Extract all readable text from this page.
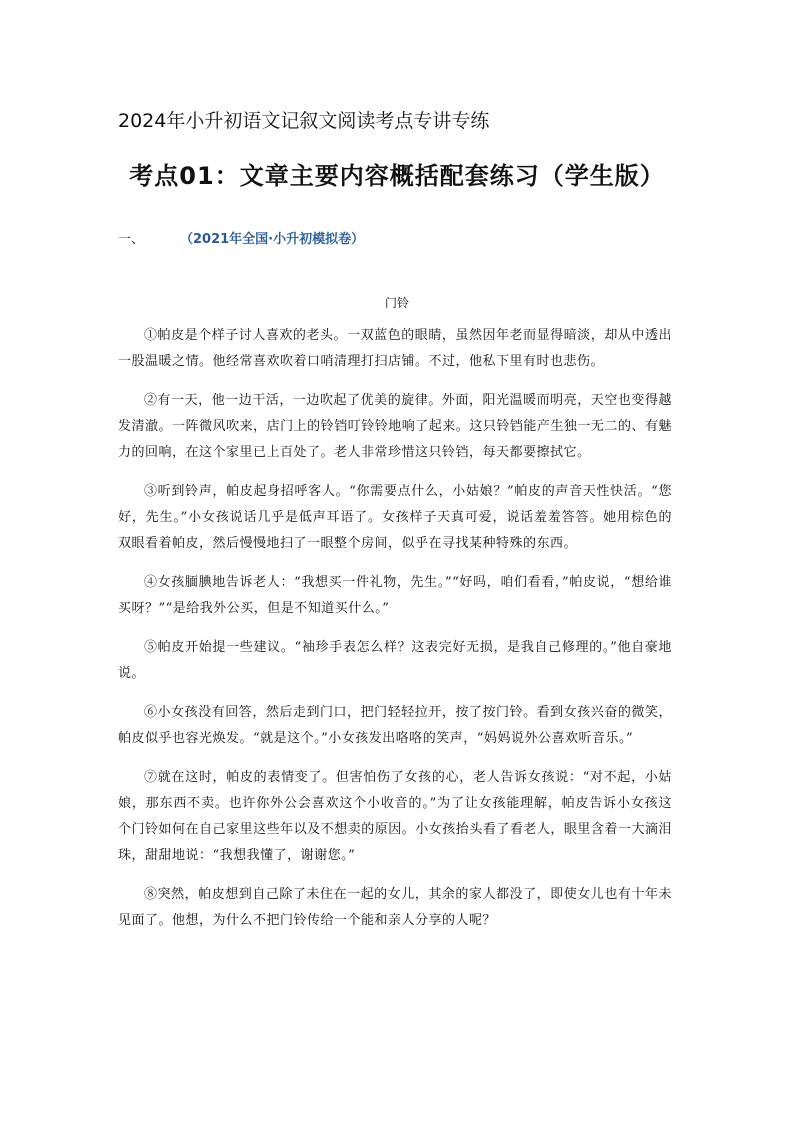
2024年小升初语文记叙文阅读考点专讲专练
考点01：文章主要内容概括配套练习（学生版）
一、	（2021年全国·小升初模拟卷）
门铃

①帕皮是个样子讨人喜欢的老头。一双蓝色的眼睛，虽然因年老而显得暗淡，却从中透出一股温暖之情。他经常喜欢吹着口哨清理打扫店铺。不过，他私下里有时也悲伤。

②有一天，他一边干活，一边吹起了优美的旋律。外面，阳光温暖而明亮，天空也变得越发清澈。一阵微风吹来，店门上的铃铛叮铃铃地响了起来。这只铃铛能产生独一无二的、有魅力的回响，在这个家里已上百处了。老人非常珍惜这只铃铛，每天都要擦拭它。

③听到铃声，帕皮起身招呼客人。“你需要点什么，小姑娘？”帕皮的声音天性快活。“您好，先生。”小女孩说话几乎是低声耳语了。女孩样子天真可爱，说话羞羞答答。她用棕色的双眼看着帕皮，然后慢慢地扫了一眼整个房间，似乎在寻找某种特殊的东西。

④女孩腼腆地告诉老人：“我想买一件礼物，先生。”“好吗，咱们看看，”帕皮说，“想给谁买呀？”“是给我外公买，但是不知道买什么。”

⑤帕皮开始提一些建议。“袖珍手表怎么样？这表完好无损，是我自己修理的。”他自豪地说。

⑥小女孩没有回答，然后走到门口，把门轻轻拉开，按了按门铃。看到女孩兴奋的微笑，帕皮似乎也容光焕发。“就是这个。”小女孩发出咯咯的笑声，“妈妈说外公喜欢听音乐。”

⑦就在这时，帕皮的表情变了。但害怕伤了女孩的心，老人告诉女孩说：“对不起，小姑娘，那东西不卖。也许你外公会喜欢这个小收音的。”为了让女孩能理解，帕皮告诉小女孩这个门铃如何在自己家里这些年以及不想卖的原因。小女孩抬头看了看老人，眼里含着一大滴泪珠，甜甜地说：“我想我懂了，谢谢您。”

⑧突然，帕皮想到自己除了未住在一起的女儿，其余的家人都没了，即使女儿也有十年未见面了。他想，为什么不把门铃传给一个能和亲人分享的人呢？
